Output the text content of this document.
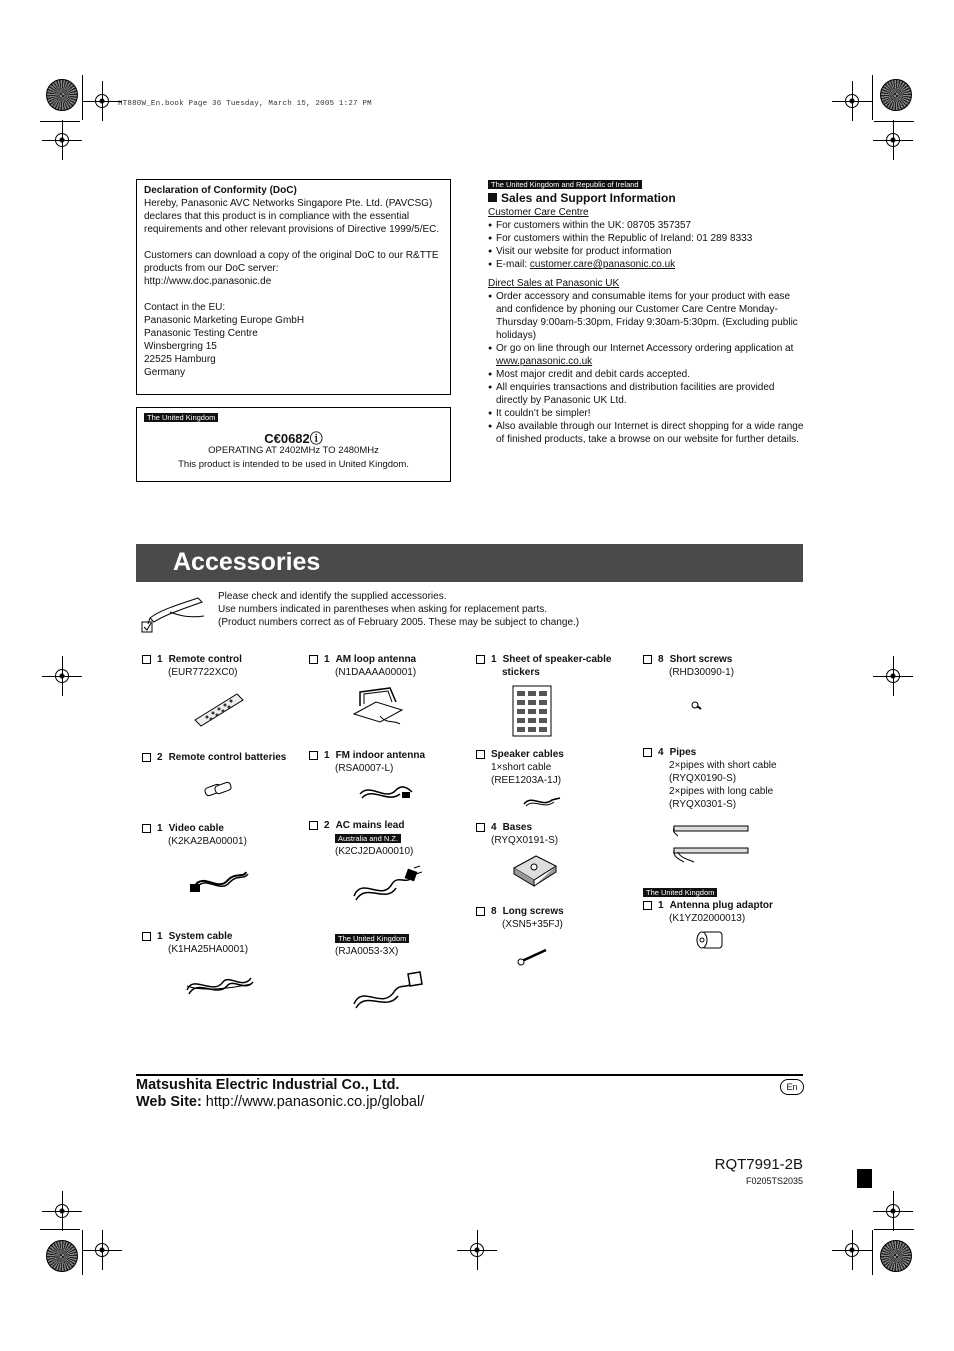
HT880W_En.book Page 36 Tuesday, March 15, 2005 1:27 PM
Declaration of Conformity (DoC)

Hereby, Panasonic AVC Networks Singapore Pte. Ltd. (PAVCSG) declares that this product is in compliance with the essential requirements and other relevant provisions of Directive 1999/5/EC.

Customers can download a copy of the original DoC to our R&TTE products from our DoC server:

http://www.doc.panasonic.de

Contact in the EU:
Panasonic Marketing Europe GmbH
Panasonic Testing Centre
Winsbergring 15
22525 Hamburg
Germany
The United Kingdom
C€0682ⓘ
OPERATING AT 2402MHz TO 2480MHz
This product is intended to be used in United Kingdom.
The United Kingdom and Republic of Ireland
Sales and Support Information
Customer Care Centre
● For customers within the UK: 08705 357357
● For customers within the Republic of Ireland: 01 289 8333
● Visit our website for product information
● E-mail: customer.care@panasonic.co.uk
Direct Sales at Panasonic UK
● Order accessory and consumable items for your product with ease and confidence by phoning our Customer Care Centre Monday-Thursday 9:00am-5:30pm, Friday 9:30am-5:30pm. (Excluding public holidays)
● Or go on line through our Internet Accessory ordering application at www.panasonic.co.uk
● Most major credit and debit cards accepted.
● All enquiries transactions and distribution facilities are provided directly by Panasonic UK Ltd.
● It couldn’t be simpler!
● Also available through our Internet is direct shopping for a wide range of finished products, take a browse on our website for further details.
Accessories
Please check and identify the supplied accessories.
Use numbers indicated in parentheses when asking for replacement parts.
(Product numbers correct as of February 2005. These may be subject to change.)
1 Remote control
(EUR7722XC0)
2 Remote control batteries
1 Video cable
(K2KA2BA00001)
1 System cable
(K1HA25HA0001)
1 AM loop antenna
(N1DAAAA00001)
1 FM indoor antenna
(RSA0007-L)
2 AC mains lead
Australia and N.Z.
(K2CJ2DA00010)
The United Kingdom
(RJA0053-3X)
1 Sheet of speaker-cable
stickers
Speaker cables
1×short cable
(REE1203A-1J)
4 Bases
(RYQX0191-S)
8 Long screws
(XSN5+35FJ)
8 Short screws
(RHD30090-1)
4 Pipes
2×pipes with short cable
(RYQX0190-S)
2×pipes with long cable
(RYQX0301-S)
The United Kingdom
1 Antenna plug adaptor
(K1YZ02000013)
Matsushita Electric Industrial Co., Ltd.
Web Site: http://www.panasonic.co.jp/global/
En
RQT7991-2B
F0205TS2035
